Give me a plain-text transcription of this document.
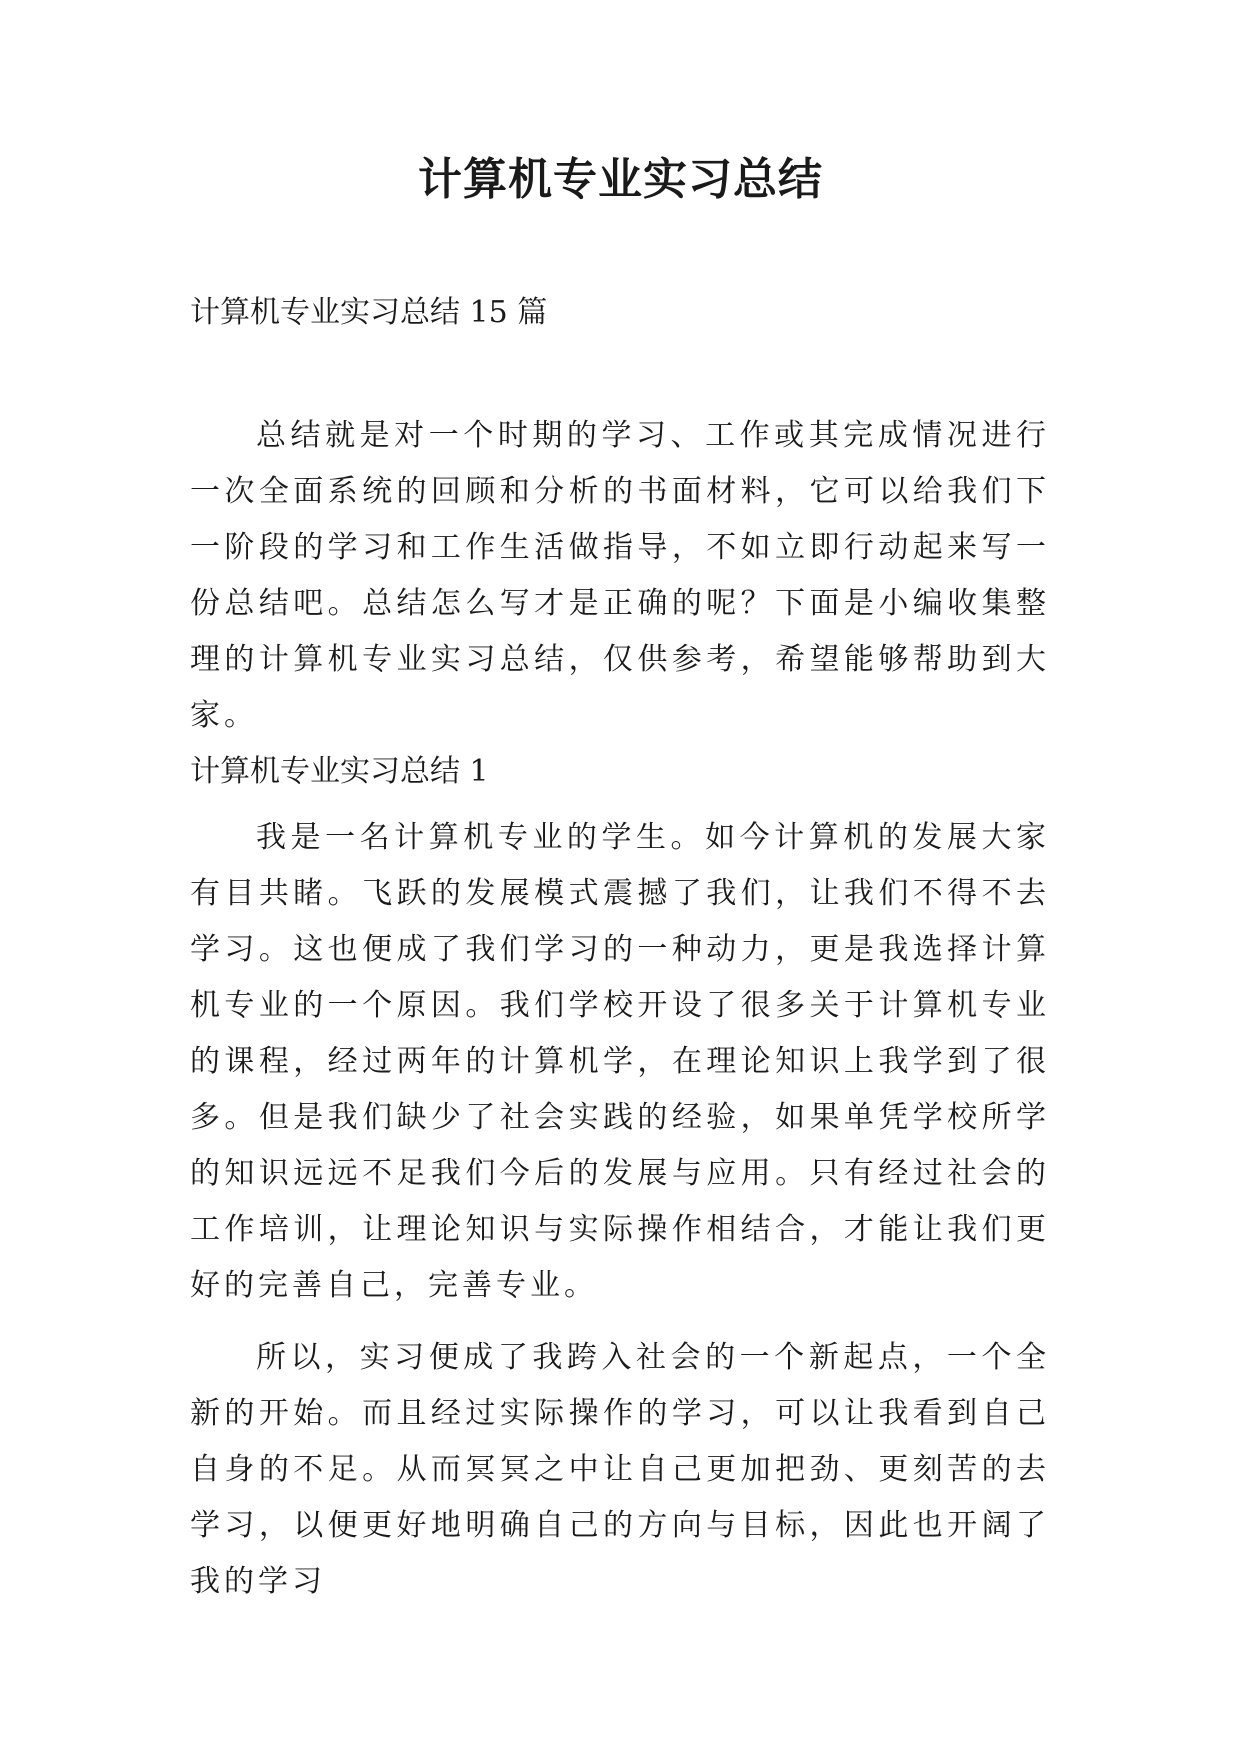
计算机专业实习总结

计算机专业实习总结 15 篇

总结就是对一个时期的学习、工作或其完成情况进行一次全面系统的回顾和分析的书面材料，它可以给我们下一阶段的学习和工作生活做指导，不如立即行动起来写一份总结吧。总结怎么写才是正确的呢？下面是小编收集整理的计算机专业实习总结，仅供参考，希望能够帮助到大家。

计算机专业实习总结 1

我是一名计算机专业的学生。如今计算机的发展大家有目共睹。飞跃的发展模式震撼了我们，让我们不得不去学习。这也便成了我们学习的一种动力，更是我选择计算机专业的一个原因。我们学校开设了很多关于计算机专业的课程，经过两年的计算机学，在理论知识上我学到了很多。但是我们缺少了社会实践的经验，如果单凭学校所学的知识远远不足我们今后的发展与应用。只有经过社会的工作培训，让理论知识与实际操作相结合，才能让我们更好的完善自己，完善专业。

所以，实习便成了我跨入社会的一个新起点，一个全新的开始。而且经过实际操作的学习，可以让我看到自己自身的不足。从而冥冥之中让自己更加把劲、更刻苦的去学习，以便更好地明确自己的方向与目标，因此也开阔了我的学习
